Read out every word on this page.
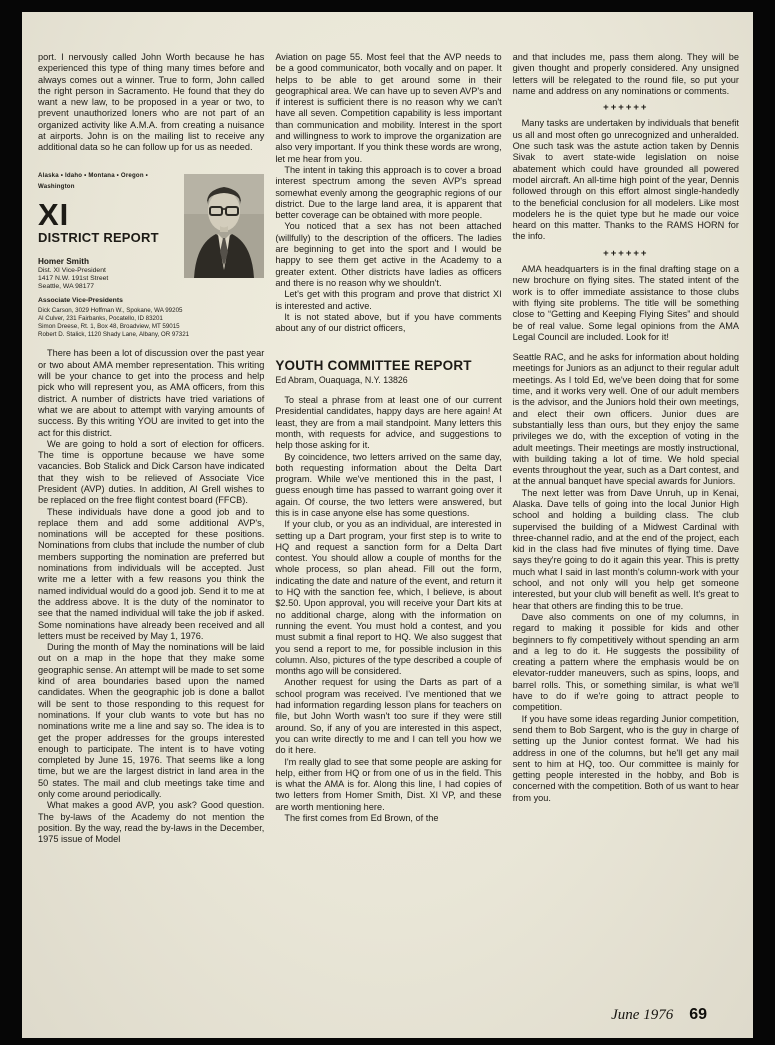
port. I nervously called John Worth because he has experienced this type of thing many times before and always comes out a winner. True to form, John called the right person in Sacramento. He found that they do want a new law, to be proposed in a year or two, to prevent unauthorized loners who are not part of an organized activity like A.M.A. from creating a nuisance at airports. John is on the mailing list to receive any additional data so he can follow up for us as needed.

Alaska • Idaho • Montana • Oregon • Washington
XI
DISTRICT REPORT
Homer Smith
Dist. XI Vice-President
1417 N.W. 191st Street
Seattle, WA 98177
Associate Vice-Presidents

Dick Carson, 3029 Hoffman W., Spokane, WA 99205

Al Culver, 231 Fairbanks, Pocatello, ID 83201

Simon Dreese, Rt. 1, Box 48, Broadview, MT 59015

Robert D. Stalick, 1120 Shady Lane, Albany, OR 97321

There has been a lot of discussion over the past year or two about AMA member representation. This writing will be your chance to get into the process and help pick who will represent you, as AMA officers, from this district. A number of districts have tried variations of what we are about to attempt with varying amounts of success. By this writing YOU are invited to get into the act for this district.

We are going to hold a sort of election for officers. The time is opportune because we have some vacancies. Bob Stalick and Dick Carson have indicated that they wish to be relieved of Associate Vice President (AVP) duties. In addition, Al Grell wishes to be replaced on the free flight contest board (FFCB).

These individuals have done a good job and to replace them and add some additional AVP's, nominations will be accepted for these positions. Nominations from clubs that include the number of club members supporting the nomination are preferred but nominations from individuals will be accepted. Just write me a letter with a few reasons you think the named individual would do a good job. Send it to me at the address above. It is the duty of the nominator to see that the named individual will take the job if asked. Some nominations have already been received and all letters must be received by May 1, 1976.

During the month of May the nominations will be laid out on a map in the hope that they make some geographic sense. An attempt will be made to set some kind of area boundaries based upon the named candidates. When the geographic job is done a ballot will be sent to those responding to this request for nominations. If your club wants to vote but has no nominations write me a line and say so. The idea is to get the proper addresses for the groups interested enough to participate. The intent is to have voting completed by June 15, 1976. That seems like a long time, but we are the largest district in land area in the 50 states. The mail and club meetings take time and only come around periodically.

What makes a good AVP, you ask? Good question. The by-laws of the Academy do not mention the position. By the way, read the by-laws in the December, 1975 issue of Model

Aviation on page 55. Most feel that the AVP needs to be a good communicator, both vocally and on paper. It helps to be able to get around some in their geographical area. We can have up to seven AVP's and if interest is sufficient there is no reason why we can't have all seven. Competition capability is less important than communication and mobility. Interest in the sport and willingness to work to improve the organization are also very important. If you think these words are wrong, let me hear from you.

The intent in taking this approach is to cover a broad interest spectrum among the seven AVP's spread somewhat evenly among the geographic regions of our district. Due to the large land area, it is apparent that better coverage can be obtained with more people.

You noticed that a sex has not been attached (willfully) to the description of the officers. The ladies are beginning to get into the sport and I would be happy to see them get active in the Academy to a greater extent. Other districts have ladies as officers and there is no reason why we shouldn't.

Let's get with this program and prove that district XI is interested and active.

It is not stated above, but if you have comments about any of our district officers,

YOUTH COMMITTEE REPORT
Ed Abram, Ouaquaga, N.Y. 13826

To steal a phrase from at least one of our current Presidential candidates, happy days are here again! At least, they are from a mail standpoint. Many letters this month, with requests for advice, and suggestions to help those asking for it.

By coincidence, two letters arrived on the same day, both requesting information about the Delta Dart program. While we've mentioned this in the past, I guess enough time has passed to warrant going over it again. Of course, the two letters were answered, but this is in case anyone else has some questions.

If your club, or you as an individual, are interested in setting up a Dart program, your first step is to write to HQ and request a sanction form for a Delta Dart contest. You should allow a couple of months for the whole process, so plan ahead. Fill out the form, indicating the date and nature of the event, and return it to HQ with the sanction fee, which, I believe, is about $2.50. Upon approval, you will receive your Dart kits at no additional charge, along with the information on running the event. You must hold a contest, and you must submit a final report to HQ. We also suggest that you send a report to me, for possible inclusion in this column. Also, pictures of the type described a couple of months ago will be considered.

Another request for using the Darts as part of a school program was received. I've mentioned that we had information regarding lesson plans for teachers on file, but John Worth wasn't too sure if they were still around. So, if any of you are interested in this aspect, you can write directly to me and I can tell you how we do it here.

I'm really glad to see that some people are asking for help, either from HQ or from one of us in the field. This is what the AMA is for. Along this line, I had copies of two letters from Homer Smith, Dist. XI VP, and these are worth mentioning here.

The first comes from Ed Brown, of the

and that includes me, pass them along. They will be given thought and properly considered. Any unsigned letters will be relegated to the round file, so put your name and address on any nominations or comments.

++++++

Many tasks are undertaken by individuals that benefit us all and most often go unrecognized and unheralded. One such task was the astute action taken by Dennis Sivak to avert state-wide legislation on noise abatement which could have grounded all powered model aircraft. An all-time high point of the year, Dennis followed through on this effort almost single-handedly to the beneficial conclusion for all modelers. Like most modelers he is the quiet type but he made our voice heard on this matter. Thanks to the RAMS HORN for the info.

++++++

AMA headquarters is in the final drafting stage on a new brochure on flying sites. The stated intent of the work is to offer immediate assistance to those clubs with flying site problems. The title will be something close to “Getting and Keeping Flying Sites” and should be of real value. Some legal opinions from the AMA Legal Council are included. Look for it!

Seattle RAC, and he asks for information about holding meetings for Juniors as an adjunct to their regular adult meetings. As I told Ed, we've been doing that for some time, and it works very well. One of our adult members is the advisor, and the Juniors hold their own meetings, and elect their own officers. Junior dues are substantially less than ours, but they enjoy the same privileges we do, with the exception of voting in the adult meetings. Their meetings are mostly instructional, with building taking a lot of time. We hold special events throughout the year, such as a Dart contest, and at the annual banquet have special awards for Juniors.

The next letter was from Dave Unruh, up in Kenai, Alaska. Dave tells of going into the local Junior High school and holding a building class. The club supervised the building of a Midwest Cardinal with three-channel radio, and at the end of the project, each kid in the class had five minutes of flying time. Dave says they're going to do it again this year. This is pretty much what I said in last month's column-work with your school, and not only will you help get someone interested, but your club will benefit as well. It's great to hear that others are finding this to be true.

Dave also comments on one of my columns, in regard to making it possible for kids and other beginners to fly competitively without spending an arm and a leg to do it. He suggests the possibility of creating a pattern where the emphasis would be on elevator-rudder maneuvers, such as spins, loops, and barrel rolls. This, or something similar, is what we'll have to do if we're going to attract people to competition.

If you have some ideas regarding Junior competition, send them to Bob Sargent, who is the guy in charge of setting up the Junior contest format. We had his address in one of the columns, but he'll get any mail sent to him at HQ, too. Our committee is mainly for getting people interested in the hobby, and Bob is concerned with the competition. Both of us want to hear from you.

June 1976 69
